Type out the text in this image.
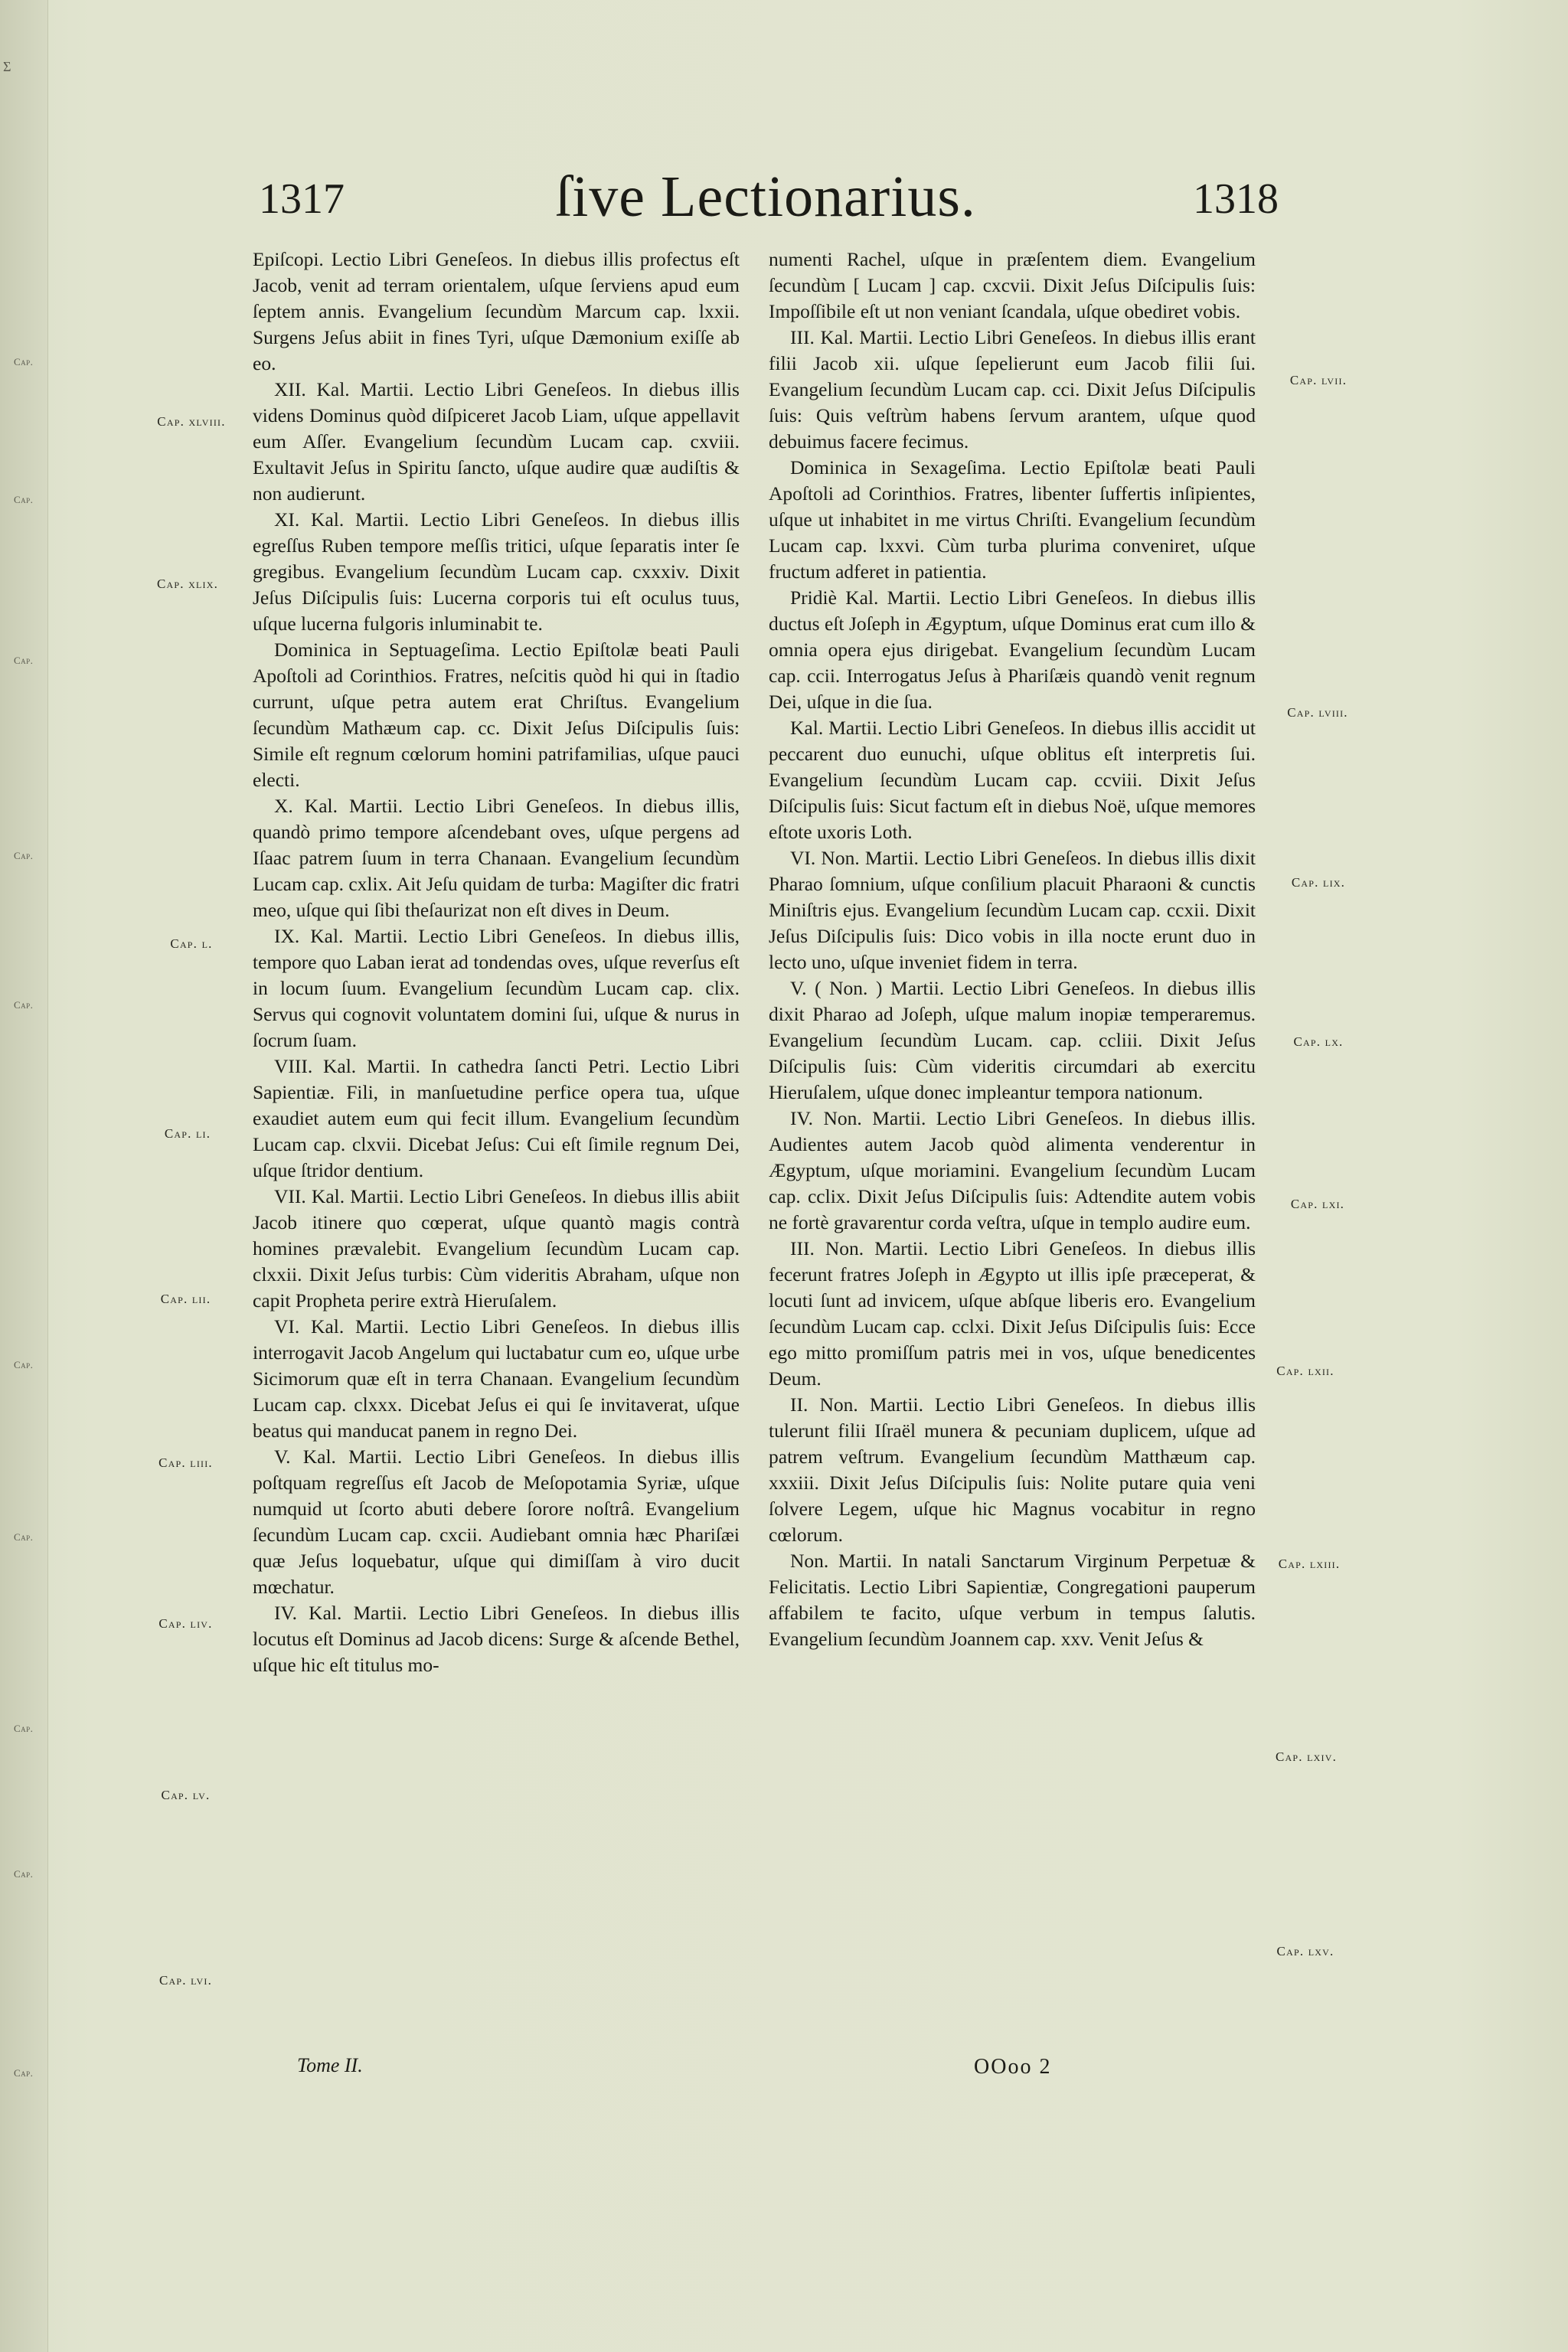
ʃ
Cap.
Cap.
Cap.
Cap.
Cap.
Cap.
Cap.
Cap.
Cap.
Cap.
1317	ſive Lectionarius.	1318

Epiſcopi. Lectio Libri Geneſeos. In diebus illis profectus eſt Jacob, venit ad terram orientalem, uſque ſerviens apud eum ſeptem annis. Evangelium ſecundùm Marcum cap. lxxii. Surgens Jeſus abiit in fines Tyri, uſque Dæmonium exiſſe ab eo.

XII. Kal. Martii. Lectio Libri Geneſeos. In diebus illis videns Dominus quòd diſpiceret Jacob Liam, uſque appellavit eum Aſſer. Evangelium ſecundùm Lucam cap. cxviii. Exultavit Jeſus in Spiritu ſancto, uſque audire quæ audiſtis & non audierunt.

XI. Kal. Martii. Lectio Libri Geneſeos. In diebus illis egreſſus Ruben tempore meſſis tritici, uſque ſeparatis inter ſe gregibus. Evangelium ſecundùm Lucam cap. cxxxiv. Dixit Jeſus Diſcipulis ſuis: Lucerna corporis tui eſt oculus tuus, uſque lucerna fulgoris inluminabit te.

Dominica in Septuageſima. Lectio Epiſtolæ beati Pauli Apoſtoli ad Corinthios. Fratres, neſcitis quòd hi qui in ſtadio currunt, uſque petra autem erat Chriſtus. Evangelium ſecundùm Mathæum cap. cc. Dixit Jeſus Diſcipulis ſuis: Simile eſt regnum cœlorum homini patrifamilias, uſque pauci electi.

X. Kal. Martii. Lectio Libri Geneſeos. In diebus illis, quandò primo tempore aſcendebant oves, uſque pergens ad Iſaac patrem ſuum in terra Chanaan. Evangelium ſecundùm Lucam cap. cxlix. Ait Jeſu quidam de turba: Magiſter dic fratri meo, uſque qui ſibi theſaurizat non eſt dives in Deum.

IX. Kal. Martii. Lectio Libri Geneſeos. In diebus illis, tempore quo Laban ierat ad tondendas oves, uſque reverſus eſt in locum ſuum. Evangelium ſecundùm Lucam cap. clix. Servus qui cognovit voluntatem domini ſui, uſque & nurus in ſocrum ſuam.

VIII. Kal. Martii. In cathedra ſancti Petri. Lectio Libri Sapientiæ. Fili, in manſuetudine perfice opera tua, uſque exaudiet autem eum qui fecit illum. Evangelium ſecundùm Lucam cap. clxvii. Dicebat Jeſus: Cui eſt ſimile regnum Dei, uſque ſtridor dentium.

VII. Kal. Martii. Lectio Libri Geneſeos. In diebus illis abiit Jacob itinere quo cœperat, uſque quantò magis contrà homines prævalebit. Evangelium ſecundùm Lucam cap. clxxii. Dixit Jeſus turbis: Cùm videritis Abraham, uſque non capit Propheta perire extrà Hieruſalem.

VI. Kal. Martii. Lectio Libri Geneſeos. In diebus illis interrogavit Jacob Angelum qui luctabatur cum eo, uſque urbe Sicimorum quæ eſt in terra Chanaan. Evangelium ſecundùm Lucam cap. clxxx. Dicebat Jeſus ei qui ſe invitaverat, uſque beatus qui manducat panem in regno Dei.

V. Kal. Martii. Lectio Libri Geneſeos. In diebus illis poſtquam regreſſus eſt Jacob de Meſopotamia Syriæ, uſque numquid ut ſcorto abuti debere ſorore noſtrâ. Evangelium ſecundùm Lucam cap. cxcii. Audiebant omnia hæc Phariſæi quæ Jeſus loquebatur, uſque qui dimiſſam à viro ducit mœchatur.

IV. Kal. Martii. Lectio Libri Geneſeos. In diebus illis locutus eſt Dominus ad Jacob dicens: Surge & aſcende Bethel, uſque hic eſt titulus mo-

numenti Rachel, uſque in præſentem diem. Evangelium ſecundùm [ Lucam ] cap. cxcvii. Dixit Jeſus Diſcipulis ſuis: Impoſſibile eſt ut non veniant ſcandala, uſque obediret vobis.

III. Kal. Martii. Lectio Libri Geneſeos. In diebus illis erant filii Jacob xii. uſque ſepelierunt eum Jacob filii ſui. Evangelium ſecundùm Lucam cap. cci. Dixit Jeſus Diſcipulis ſuis: Quis veſtrùm habens ſervum arantem, uſque quod debuimus facere fecimus.

Dominica in Sexageſima. Lectio Epiſtolæ beati Pauli Apoſtoli ad Corinthios. Fratres, libenter ſuffertis inſipientes, uſque ut inhabitet in me virtus Chriſti. Evangelium ſecundùm Lucam cap. lxxvi. Cùm turba plurima conveniret, uſque fructum adferet in patientia.

Pridiè Kal. Martii. Lectio Libri Geneſeos. In diebus illis ductus eſt Joſeph in Ægyptum, uſque Dominus erat cum illo & omnia opera ejus dirigebat. Evangelium ſecundùm Lucam cap. ccii. Interrogatus Jeſus à Phariſæis quandò venit regnum Dei, uſque in die ſua.

Kal. Martii. Lectio Libri Geneſeos. In diebus illis accidit ut peccarent duo eunuchi, uſque oblitus eſt interpretis ſui. Evangelium ſecundùm Lucam cap. ccviii. Dixit Jeſus Diſcipulis ſuis: Sicut factum eſt in diebus Noë, uſque memores eſtote uxoris Loth.

VI. Non. Martii. Lectio Libri Geneſeos. In diebus illis dixit Pharao ſomnium, uſque conſilium placuit Pharaoni & cunctis Miniſtris ejus. Evangelium ſecundùm Lucam cap. ccxii. Dixit Jeſus Diſcipulis ſuis: Dico vobis in illa nocte erunt duo in lecto uno, uſque inveniet fidem in terra.

V. ( Non. ) Martii. Lectio Libri Geneſeos. In diebus illis dixit Pharao ad Joſeph, uſque malum inopiæ temperaremus. Evangelium ſecundùm Lucam. cap. ccliii. Dixit Jeſus Diſcipulis ſuis: Cùm videritis circumdari ab exercitu Hieruſalem, uſque donec impleantur tempora nationum.

IV. Non. Martii. Lectio Libri Geneſeos. In diebus illis. Audientes autem Jacob quòd alimenta venderentur in Ægyptum, uſque moriamini. Evangelium ſecundùm Lucam cap. cclix. Dixit Jeſus Diſcipulis ſuis: Adtendite autem vobis ne fortè gravarentur corda veſtra, uſque in templo audire eum.

III. Non. Martii. Lectio Libri Geneſeos. In diebus illis fecerunt fratres Joſeph in Ægypto ut illis ipſe præceperat, & locuti ſunt ad invicem, uſque abſque liberis ero. Evangelium ſecundùm Lucam cap. cclxi. Dixit Jeſus Diſcipulis ſuis: Ecce ego mitto promiſſum patris mei in vos, uſque benedicentes Deum.

II. Non. Martii. Lectio Libri Geneſeos. In diebus illis tulerunt filii Iſraël munera & pecuniam duplicem, uſque ad patrem veſtrum. Evangelium ſecundùm Matthæum cap. xxxiii. Dixit Jeſus Diſcipulis ſuis: Nolite putare quia veni ſolvere Legem, uſque hic Magnus vocabitur in regno cœlorum.

Non. Martii. In natali Sanctarum Virginum Perpetuæ & Felicitatis. Lectio Libri Sapientiæ, Congregationi pauperum affabilem te facito, uſque verbum in tempus ſalutis. Evangelium ſecundùm Joannem cap. xxv. Venit Jeſus &

Cap. xlviii.
Cap. xlix.
Cap. l.
Cap. li.
Cap. lii.
Cap. liii.
Cap. liv.
Cap. lv.
Cap. lvi.
Cap. lvii.
Cap. lviii.
Cap. lix.
Cap. lx.
Cap. lxi.
Cap. lxii.
Cap. lxiii.
Cap. lxiv.
Cap. lxv.
Tome II.	OOoo 2
